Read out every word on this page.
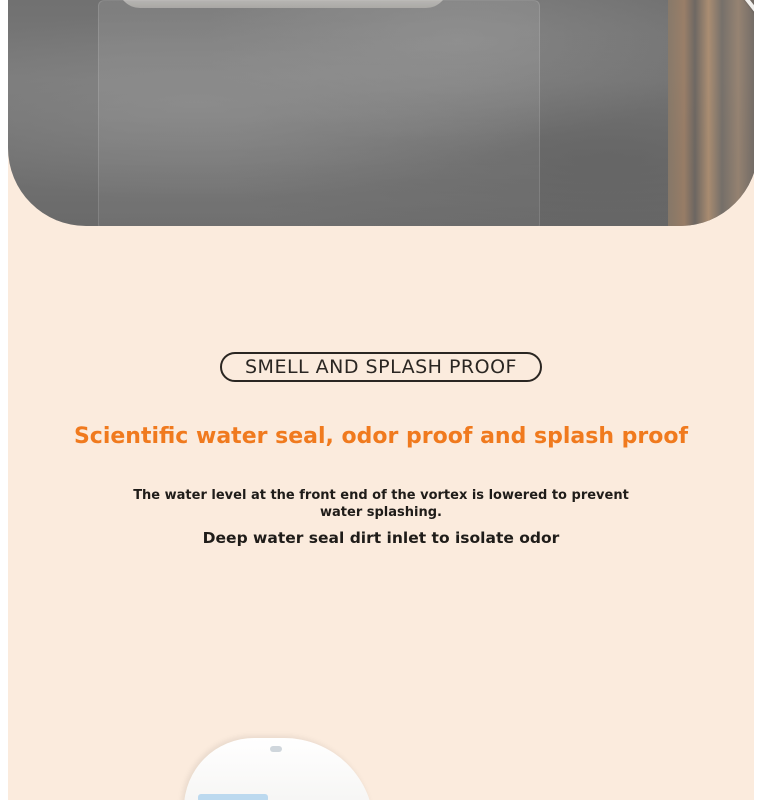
SMELL AND SPLASH PROOF
Scientific water seal, odor proof and splash proof
The water level at the front end of the vortex is lowered to prevent water splashing.
Deep water seal dirt inlet to isolate odor
